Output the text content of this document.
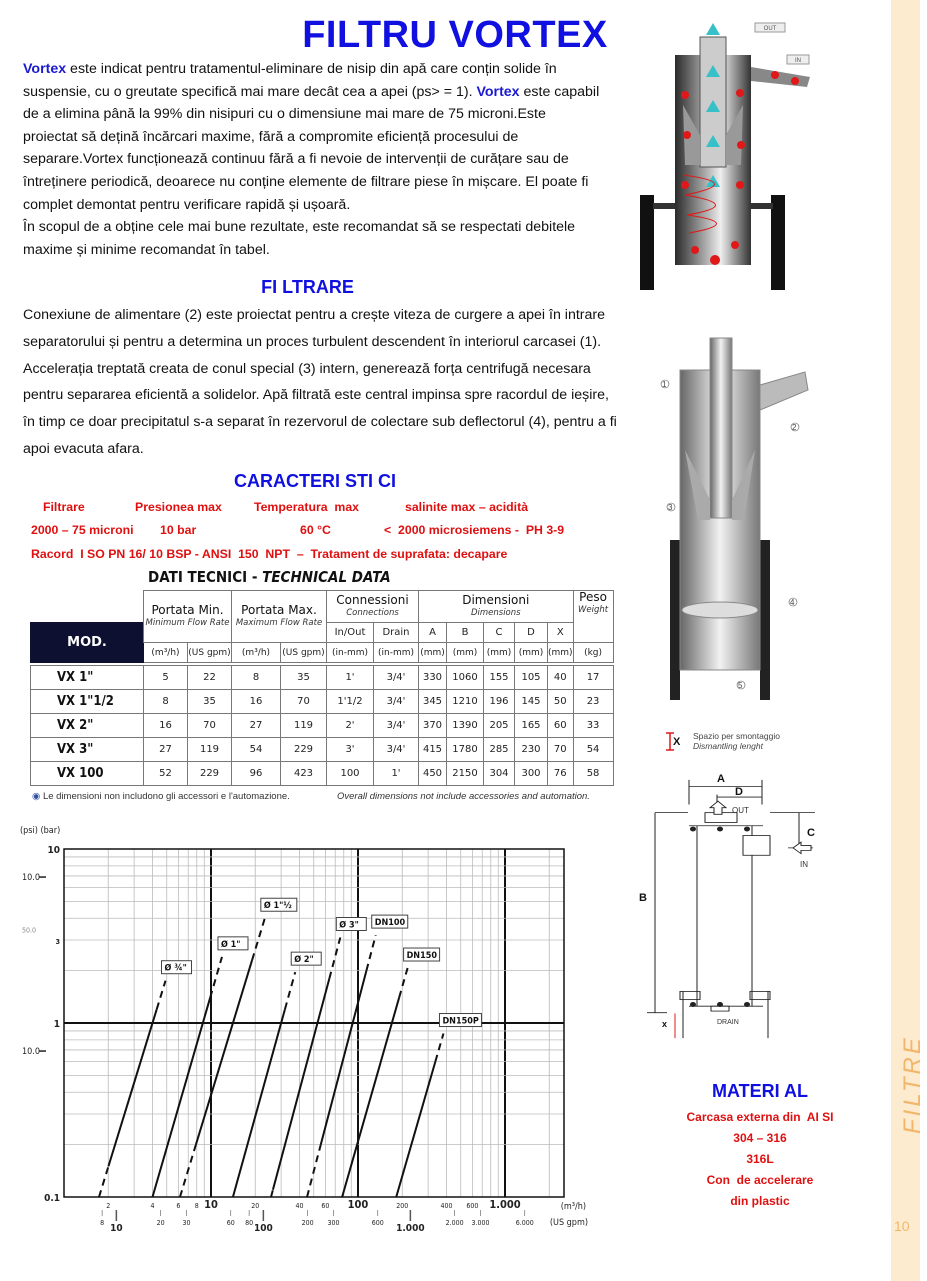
FILTRE
10
FILTRU VORTEX
Vortex este indicat pentru tratamentul-eliminare de nisip din apă care conțin solide în suspensie, cu o greutate specifică mai mare decât cea a apei (ps> = 1). Vortex este capabil de a elimina până la 99% din nisipuri cu o dimensiune mai mare de 75 microni.Este proiectat să dețină încărcari maxime, fără a compromite eficiență procesului de separare.Vortex funcționează continuu fără a fi nevoie de intervenții de curățare sau de întreținere periodică, deoarece nu conține elemente de filtrare piese în mișcare. El poate fi complet demontat pentru verificare rapidă și ușoară.
În scopul de a obține cele mai bune rezultate, este recomandat să se respectati debitele maxime și minime recomandat în tabel.
FI LTRARE
Conexiune de alimentare (2) este proiectat pentru a crește viteza de curgere a apei în intrare separatorului și pentru a determina un proces turbulent descendent în interiorul carcasei (1). Accelerația treptată creata de conul special (3) intern, generează forța centrifugă necesara pentru separarea eficientă a solidelor. Apă filtrată este central impinsa spre racordul de ieșire, în timp ce doar precipitatul s-a separat în rezervorul de colectare sub deflectorul (4), pentru a fi apoi evacuta afara.
CARACTERI STI CI
Filtrare	Presionea max	Temperatura  max	salinite max – acidità
2000 – 75 microni 10 bar	60 °C	<  2000 microsiemens -  PH 3-9
Racord  I SO PN 16/ 10 BSP - ANSI  150  NPT  –  Tratament de suprafata: decapare
DATI TECNICI - TECHNICAL DATA
	Portata Min.
Minimum Flow Rate		Portata Max.
Maximum Flow Rate		Connessioni
Connections		Dimensioni
Dimensions					Peso
Weight

MOD.					In/Out	Drain	A	B	C	D	X	
	(m³/h)	(US gpm)	(m³/h)	(US gpm)	(in-mm)	(in-mm)	(mm)	(mm)	(mm)	(mm)	(mm)	(kg)

VX 1"	5	22	8	35	1'	3/4'	330	1060	155	105	40	17
VX 1"1/2	8	35	16	70	1'1/2	3/4'	345	1210	196	145	50	23
VX 2"	16	70	27	119	2'	3/4'	370	1390	205	165	60	33
VX 3"	27	119	54	229	3'	3/4'	415	1780	285	230	70	54
VX 100	52	229	96	423	100	1'	450	2150	304	300	76	58
◉ Le dimensioni non includono gli accessori e l'automazione.	Overall dimensions not include accessories and automation.
(psi) (bar)
10
3
1
0.1
10.0
50.0
10.0
2	4	6 8 10	20	40	60 100	200	400 600 1.000
8 10	20	30	60 80 100	200 300	600 1.000	2.000 3.000	6.000
(m³/h)
(US gpm)
Ø ¾"
Ø 1"
Ø 1"½
Ø 2"
Ø 3" DN100
DN150
DN150P
OUT
IN
1
2
3
4
5
X Spazio per smontaggio
Dismantling lenght
A
D
C
B
x
OUT
IN
DRAIN
MATERI AL
Carcasa externa din  AI SI
304 – 316
316L
Con  de accelerare
din plastic
